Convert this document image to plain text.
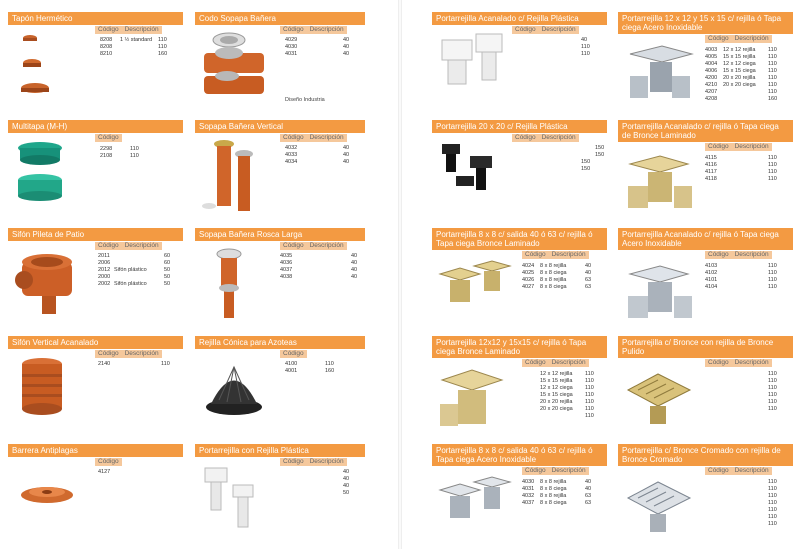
Tapón Hermético
Código Descripción
8208	1 ½ standard	110
8208	110
8210	160
Codo Sopapa Bañera
Código Descripción
4029	40
4030	40
4031	40
Diseño Industria
Multitapa (M-H)
Código
2298	110
2108	110
Sopapa Bañera Vertical
Código Descripción
4032	40
4033	40
4034	40
Sifón Pileta de Patio
Código Descripción
2011	60
2006	60
2012 Sifón plástico	50
2000	50
2002 Sifón plástico	50
Sopapa Bañera Rosca Larga
Código Descripción
4035	40
4036	40
4037	40
4038	40
Sifón Vertical Acanalado
Código Descripción
2140	110
Rejilla Cónica para Azoteas
Código
4100	110
4001	160
Barrera Antiplagas
Código
4127
Portarrejilla con Rejilla Plástica
Código Descripción
40
40
40
50
Portarrejilla Acanalado c/ Rejilla Plástica
Código Descripción
40
110
110
Portarrejilla 12 x 12 y 15 x 15 c/ rejilla ó Tapa ciega Acero Inoxidable
Código Descripción
4003	12 x 12 rejilla	110
4005	15 x 15 rejilla	110
4004	12 x 12 ciega	110
4006	15 x 15 ciega	110
4200	20 x 20 rejilla	110
4210	20 x 20 ciega	110
4207	110
4208	160
Portarrejilla 20 x 20 c/ Rejilla Plástica
Código Descripción
150
150
150
150
Portarrejilla Acanalado c/ rejilla ó Tapa ciega de Bronce Laminado
Código Descripción
4115	110
4116	110
4117	110
4118	110
Portarrejilla 8 x 8 c/ salida 40 ó 63 c/ rejilla ó Tapa ciega Bronce Laminado
Código Descripción
4024	8 x 8 rejilla	40
4025	8 x 8 ciega	40
4026	8 x 8 rejilla	63
4027	8 x 8 ciega	63
Portarrejilla Acanalado c/ rejilla ó Tapa ciega Acero Inoxidable
Código Descripción
4103	110
4102	110
4101	110
4104	110
Portarrejilla 12x12 y 15x15 c/ rejilla ó Tapa ciega Bronce Laminado
Código Descripción
12 x 12 rejilla	110
15 x 15 rejilla	110
12 x 12 ciega	110
15 x 15 ciega	110
20 x 20 rejilla	110
20 x 20 ciega	110
110
Portarrejilla c/ Bronce con rejilla de Bronce Pulido
Código Descripción
110
110
110
110
110
110
Portarrejilla 8 x 8 c/ salida 40 ó 63 c/ rejilla ó Tapa ciega Acero Inoxidable
Código Descripción
4030	8 x 8 rejilla	40
4031	8 x 8 ciega	40
4032	8 x 8 rejilla	63
4037	8 x 8 ciega	63
Portarrejilla c/ Bronce Cromado con rejilla de Bronce Cromado
Código Descripción
110
110
110
110
110
110
110
